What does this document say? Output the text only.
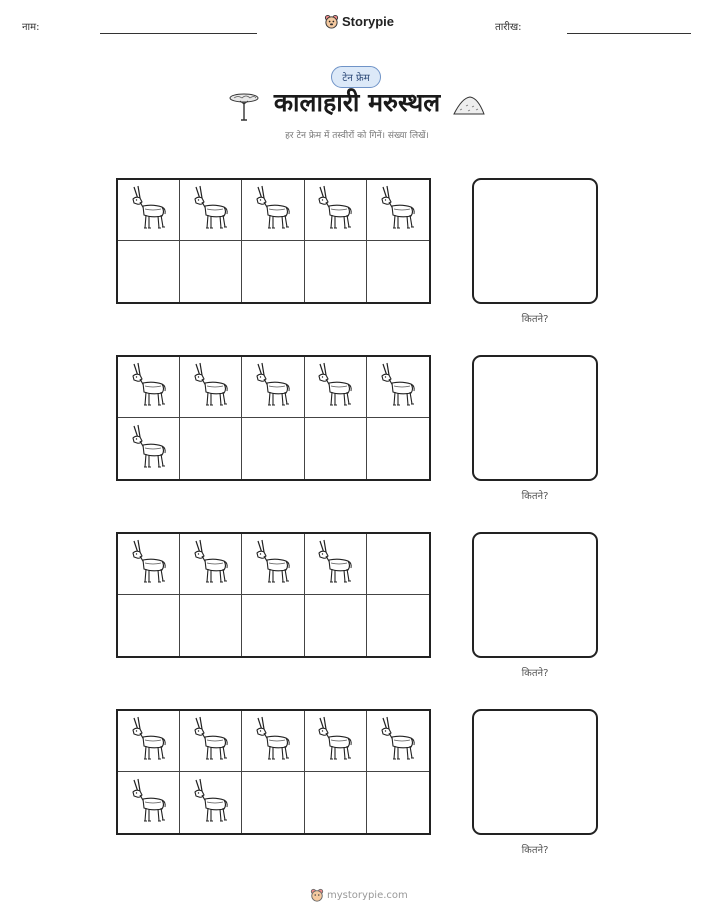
नाम:	Storypie	तारीख:
टेन फ्रेम
कालाहारी मरुस्थल
हर टेन फ्रेम में तस्वीरों को गिनें। संख्या लिखें।
कितने?
कितने?
कितने?
कितने?
mystorypie.com
